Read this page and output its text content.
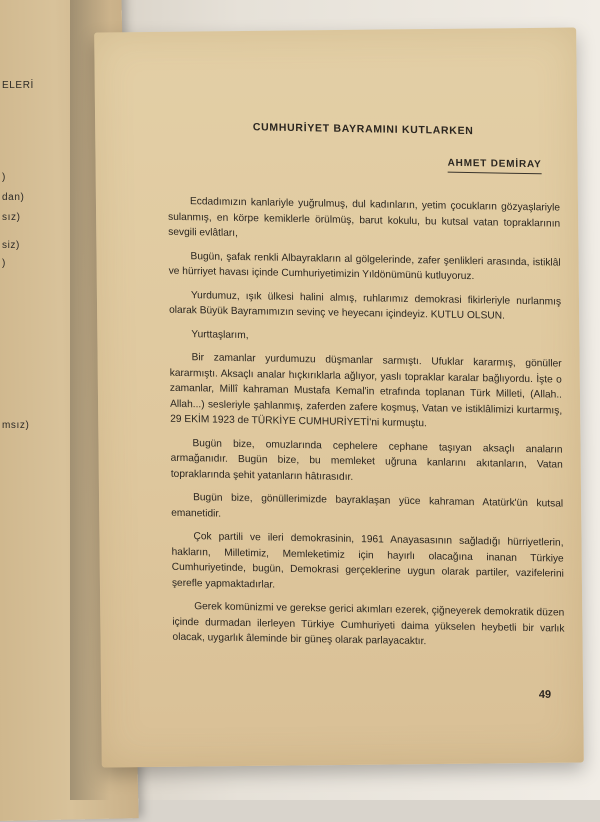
ELERİ
)
dan)
sız)
siz)
)
msız)
CUMHURİYET BAYRAMINI KUTLARKEN
AHMET DEMİRAY

Ecdadımızın kanlariyle yuğrulmuş, dul kadınların, yetim çocukların gözyaşlariyle sulanmış, en körpe kemiklerle örülmüş, barut kokulu, bu kutsal vatan topraklarının sevgili evlâtları,

Bugün, şafak renkli Albayrakların al gölgelerinde, zafer şenlikleri arasında, istiklâl ve hürriyet havası içinde Cumhuriyetimizin Yıldönümünü kutluyoruz.

Yurdumuz, ışık ülkesi halini almış, ruhlarımız demokrasi fikirleriyle nurlanmış olarak Büyük Bayramımızın sevinç ve heyecanı içindeyiz. KUTLU OLSUN.

Yurttaşlarım,

Bir zamanlar yurdumuzu düşmanlar sarmıştı. Ufuklar kararmış, gönüller kararmıştı. Aksaçlı analar hıçkırıklarla ağlıyor, yaslı topraklar karalar bağlıyordu. İşte o zamanlar, Millî kahraman Mustafa Kemal'in etrafında toplanan Türk Milleti, (Allah.. Allah...) sesleriyle şahlanmış, zaferden zafere koşmuş, Vatan ve istiklâlimizi kurtarmış, 29 EKİM 1923 de TÜRKİYE CUMHURİYETİ'ni kurmuştu.

Bugün bize, omuzlarında cephelere cephane taşıyan aksaçlı anaların armağanıdır. Bugün bize, bu memleket uğruna kanlarını akıtanların, Vatan topraklarında şehit yatanların hâtırasıdır.

Bugün bize, gönüllerimizde bayraklaşan yüce kahraman Atatürk'ün kutsal emanetidir.

Çok partili ve ileri demokrasinin, 1961 Anayasasının sağladığı hürriyetlerin, hakların, Milletimiz, Memleketimiz için hayırlı olacağına inanan Türkiye Cumhuriyetinde, bugün, Demokrasi gerçeklerine uygun olarak partiler, vazifelerini şerefle yapmaktadırlar.

Gerek komünizmi ve gerekse gerici akımları ezerek, çiğneyerek demokratik düzen içinde durmadan ilerleyen Türkiye Cumhuriyeti daima yükselen heybetli bir varlık olacak, uygarlık âleminde bir güneş olarak parlayacaktır.

49
